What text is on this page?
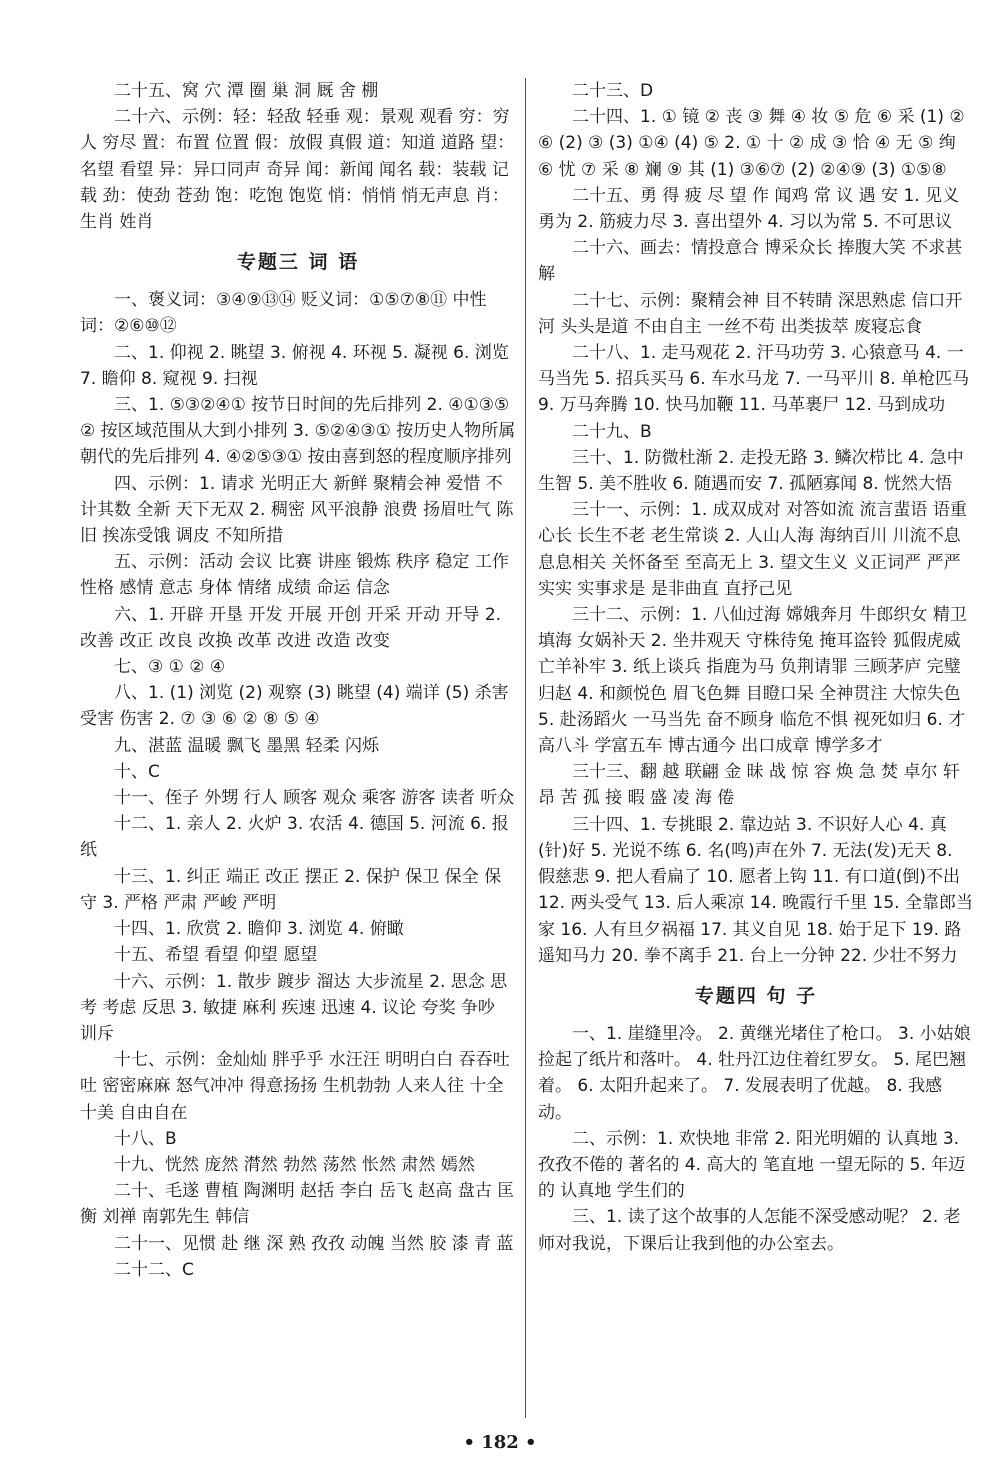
二十五、窝 穴 潭 圈 巢 洞 厩 舍 棚
二十六、示例：轻：轻敌 轻垂 观：景观 观看 穷：穷人 穷尽 置：布置 位置 假：放假 真假 道：知道 道路 望：名望 看望 异：异口同声 奇异 闻：新闻 闻名 载：装载 记载 劲：使劲 苍劲 饱：吃饱 饱览 悄：悄悄 悄无声息 肖：生肖 姓肖
专题三 词 语
一、褒义词：③④⑨⑬⑭ 贬义词：①⑤⑦⑧⑪ 中性词：②⑥⑩⑫
二、1. 仰视 2. 眺望 3. 俯视 4. 环视 5. 凝视 6. 浏览 7. 瞻仰 8. 窥视 9. 扫视
三、1. ⑤③②④① 按节日时间的先后排列 2. ④①③⑤② 按区域范围从大到小排列 3. ⑤②④③① 按历史人物所属朝代的先后排列 4. ④②⑤③① 按由喜到怒的程度顺序排列
四、示例：1. 请求 光明正大 新鲜 聚精会神 爱惜 不计其数 全新 天下无双 2. 稠密 风平浪静 浪费 扬眉吐气 陈旧 挨冻受饿 调皮 不知所措
五、示例：活动 会议 比赛 讲座 锻炼 秩序 稳定 工作 性格 感情 意志 身体 情绪 成绩 命运 信念
六、1. 开辟 开垦 开发 开展 开创 开采 开动 开导 2. 改善 改正 改良 改换 改革 改进 改造 改变
七、③ ① ② ④
八、1. (1) 浏览 (2) 观察 (3) 眺望 (4) 端详 (5) 杀害 受害 伤害 2. ⑦ ③ ⑥ ② ⑧ ⑤ ④
九、湛蓝 温暖 飘飞 墨黑 轻柔 闪烁
十、C
十一、侄子 外甥 行人 顾客 观众 乘客 游客 读者 听众
十二、1. 亲人 2. 火炉 3. 农活 4. 德国 5. 河流 6. 报纸
十三、1. 纠正 端正 改正 摆正 2. 保护 保卫 保全 保守 3. 严格 严肃 严峻 严明
十四、1. 欣赏 2. 瞻仰 3. 浏览 4. 俯瞰
十五、希望 看望 仰望 愿望
十六、示例：1. 散步 踱步 溜达 大步流星 2. 思念 思考 考虑 反思 3. 敏捷 麻利 疾速 迅速 4. 议论 夸奖 争吵 训斥
十七、示例：金灿灿 胖乎乎 水汪汪 明明白白 吞吞吐吐 密密麻麻 怒气冲冲 得意扬扬 生机勃勃 人来人往 十全十美 自由自在
十八、B
十九、恍然 庞然 潸然 勃然 荡然 怅然 肃然 嫣然
二十、毛遂 曹植 陶渊明 赵括 李白 岳飞 赵高 盘古 匡衡 刘禅 南郭先生 韩信
二十一、见惯 赴 继 深 熟 孜孜 动魄 当然 胶 漆 青 蓝
二十二、C
二十三、D
二十四、1. ① 镜 ② 丧 ③ 舞 ④ 妆 ⑤ 危 ⑥ 采 (1) ②⑥ (2) ③ (3) ①④ (4) ⑤ 2. ① 十 ② 成 ③ 恰 ④ 无 ⑤ 绚 ⑥ 忧 ⑦ 采 ⑧ 斓 ⑨ 其 (1) ③⑥⑦ (2) ②④⑨ (3) ①⑤⑧
二十五、勇 得 疲 尽 望 作 闻鸡 常 议 遇 安 1. 见义勇为 2. 筋疲力尽 3. 喜出望外 4. 习以为常 5. 不可思议
二十六、画去：情投意合 博采众长 捧腹大笑 不求甚解
二十七、示例：聚精会神 目不转睛 深思熟虑 信口开河 头头是道 不由自主 一丝不苟 出类拔萃 废寝忘食
二十八、1. 走马观花 2. 汗马功劳 3. 心猿意马 4. 一马当先 5. 招兵买马 6. 车水马龙 7. 一马平川 8. 单枪匹马 9. 万马奔腾 10. 快马加鞭 11. 马革裹尸 12. 马到成功
二十九、B
三十、1. 防微杜渐 2. 走投无路 3. 鳞次栉比 4. 急中生智 5. 美不胜收 6. 随遇而安 7. 孤陋寡闻 8. 恍然大悟
三十一、示例：1. 成双成对 对答如流 流言蜚语 语重心长 长生不老 老生常谈 2. 人山人海 海纳百川 川流不息 息息相关 关怀备至 至高无上 3. 望文生义 义正词严 严严实实 实事求是 是非曲直 直抒己见
三十二、示例：1. 八仙过海 嫦娥奔月 牛郎织女 精卫填海 女娲补天 2. 坐井观天 守株待兔 掩耳盗铃 狐假虎威 亡羊补牢 3. 纸上谈兵 指鹿为马 负荆请罪 三顾茅庐 完璧归赵 4. 和颜悦色 眉飞色舞 目瞪口呆 全神贯注 大惊失色 5. 赴汤蹈火 一马当先 奋不顾身 临危不惧 视死如归 6. 才高八斗 学富五车 博古通今 出口成章 博学多才
三十三、翻 越 联翩 金 昧 战 惊 容 焕 急 焚 卓尔 轩昂 苦 孤 接 暇 盛 凌 海 倦
三十四、1. 专挑眼 2. 靠边站 3. 不识好人心 4. 真(针)好 5. 光说不练 6. 名(鸣)声在外 7. 无法(发)无天 8. 假慈悲 9. 把人看扁了 10. 愿者上钩 11. 有口道(倒)不出 12. 两头受气 13. 后人乘凉 14. 晚霞行千里 15. 全靠郎当家 16. 人有旦夕祸福 17. 其义自见 18. 始于足下 19. 路遥知马力 20. 拳不离手 21. 台上一分钟 22. 少壮不努力
专题四 句 子
一、1. 崖缝里冷。 2. 黄继光堵住了枪口。 3. 小姑娘捡起了纸片和落叶。 4. 牡丹江边住着红罗女。 5. 尾巴翘着。 6. 太阳升起来了。 7. 发展表明了优越。 8. 我感动。
二、示例：1. 欢快地 非常 2. 阳光明媚的 认真地 3. 孜孜不倦的 著名的 4. 高大的 笔直地 一望无际的 5. 年迈的 认真地 学生们的
三、1. 读了这个故事的人怎能不深受感动呢？ 2. 老师对我说，下课后让我到他的办公室去。
• 182 •
